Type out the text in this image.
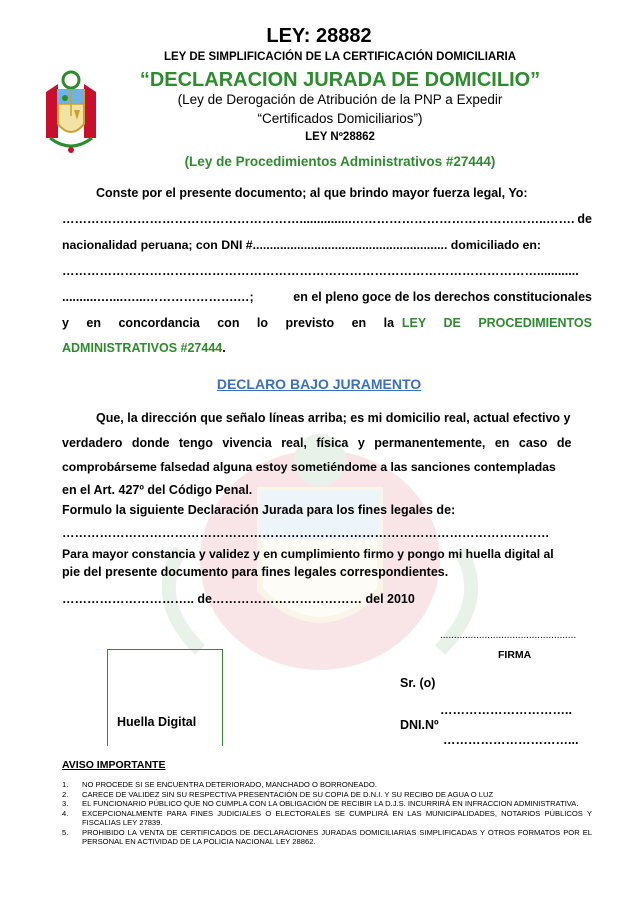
LEY: 28882
LEY DE SIMPLIFICACIÓN DE LA CERTIFICACIÓN DOMICILIARIA
“DECLARACION JURADA DE DOMICILIO”
(Ley de Derogación de Atribución de la PNP a Expedir
“Certificados Domiciliarios”)
LEY Nº28862
(Ley de Procedimientos Administrativos #27444)
Conste por el presente documento; al que brindo mayor fuerza legal, Yo:
…………………………………………………...............………………………………………..……. de
nacionalidad peruana; con DNI #......................................................... domiciliado en:
……………………………………………………………………………………………………............
..........…....…...………………….…;	en el pleno goce de los derechos constitucionales
y en concordancia con lo previsto en la LEY DE PROCEDIMIENTOS
ADMINISTRATIVOS #27444.
DECLARO BAJO JURAMENTO
Que, la dirección que señalo líneas arriba; es mi domicilio real, actual efectivo y
verdadero donde tengo vivencia real, física y permanentemente, en caso de
comprobárseme falsedad alguna estoy sometiéndome a las sanciones contempladas
en el Art. 427º del Código Penal.
Formulo la siguiente Declaración Jurada para los fines legales de:
………………………………………………………………………………………………………
Para mayor constancia y validez y en cumplimiento firmo y pongo mi huella digital al
pie del presente documento para fines legales correspondientes.
………………………….. de……………………………… del 2010
.................................................
FIRMA
Huella Digital
Sr. (o)
…………………………..
DNI.Nº
…………………………...
AVISO IMPORTANTE
1.	NO PROCEDE SI SE ENCUENTRA DETERIORADO, MANCHADO O BORRONEADO.
2.	CARECE DE VALIDEZ SIN SU RESPECTIVA PRESENTACIÓN DE SU COPIA DE D.N.I. Y SU RECIBO DE AGUA O LUZ
3.	EL FUNCIONARIO PÚBLICO QUE NO CUMPLA CON LA OBLIGACIÓN DE RECIBIR LA D.J.S. INCURRIRÁ EN INFRACCION ADMINISTRATIVA.
4.	EXCEPCIONALMENTE PARA FINES JUDICIALES O ELECTORALES SE CUMPLIRÁ EN LAS MUNICIPALIDADES, NOTARIOS PÚBLICOS Y FISCALIAS LEY 27839.
5.	PROHIBIDO LA VENTA DE CERTIFICADOS DE DECLARACIONES JURADAS DOMICILIARIAS SIMPLIFICADAS Y OTROS FORMATOS POR EL PERSONAL EN ACTIVIDAD DE LA POLICIA NACIONAL LEY 28862.
